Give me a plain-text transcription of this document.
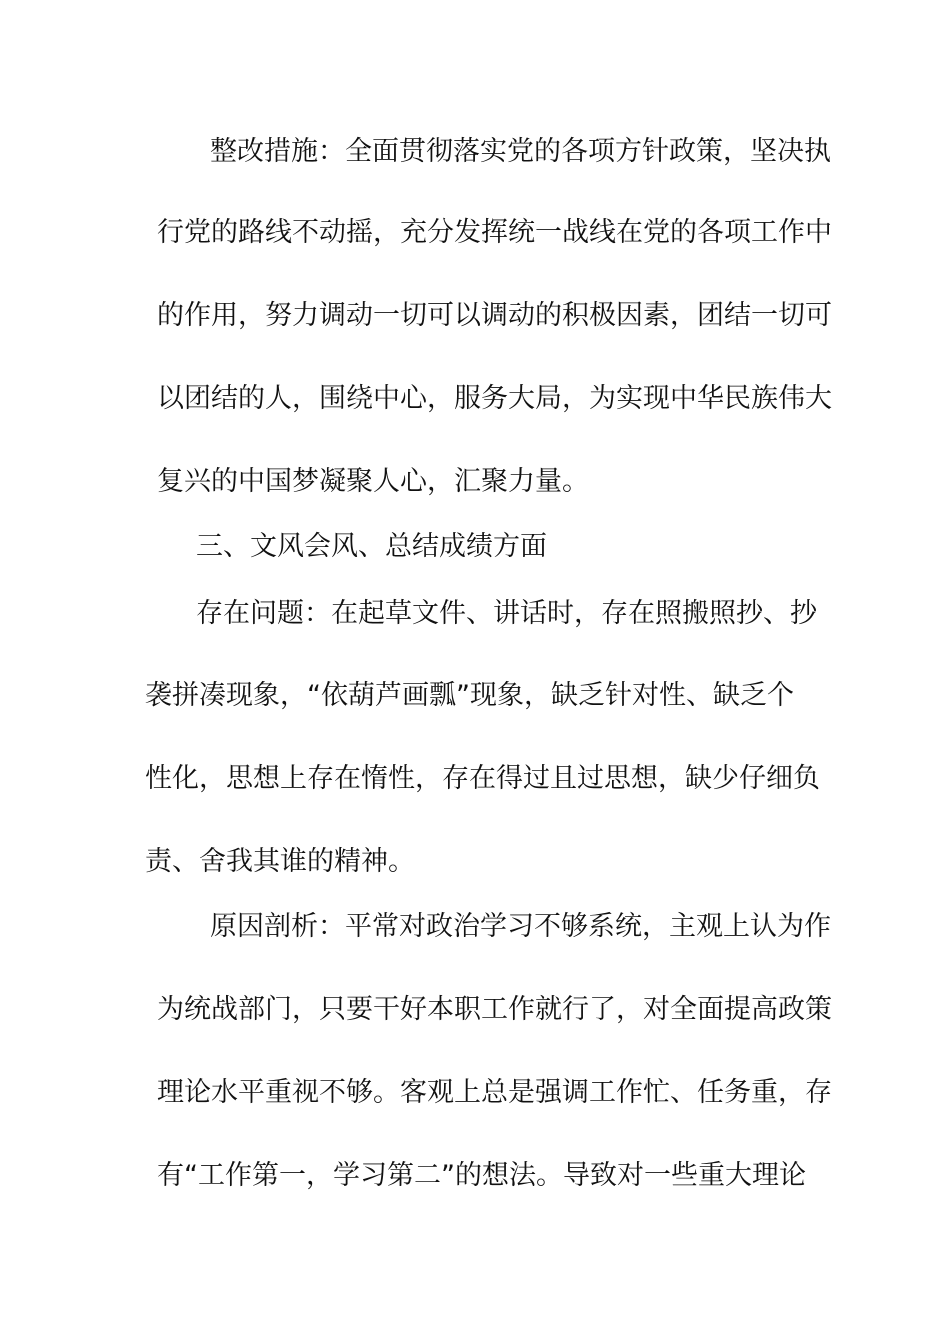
整改措施：全面贯彻落实党的各项方针政策，坚决执
行党的路线不动摇，充分发挥统一战线在党的各项工作中
的作用，努力调动一切可以调动的积极因素，团结一切可
以团结的人，围绕中心，服务大局，为实现中华民族伟大
复兴的中国梦凝聚人心，汇聚力量。
三、文风会风、总结成绩方面
存在问题：在起草文件、讲话时，存在照搬照抄、抄
袭拼凑现象，“依葫芦画瓢”现象，缺乏针对性、缺乏个
性化，思想上存在惰性，存在得过且过思想，缺少仔细负
责、舍我其谁的精神。
原因剖析：平常对政治学习不够系统，主观上认为作
为统战部门，只要干好本职工作就行了，对全面提高政策
理论水平重视不够。客观上总是强调工作忙、任务重，存
有“工作第一，学习第二”的想法。导致对一些重大理论
